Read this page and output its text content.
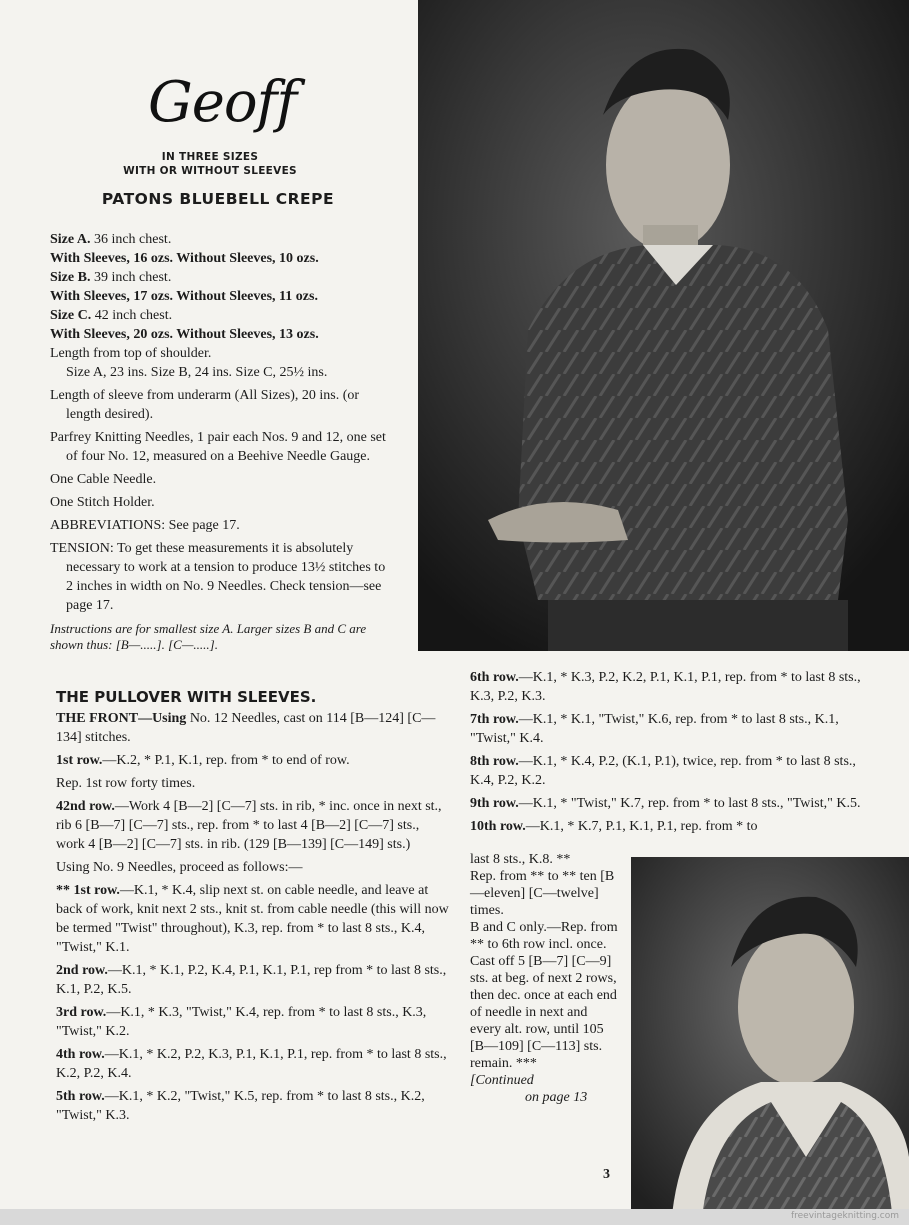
Geoff
IN THREE SIZES
WITH OR WITHOUT SLEEVES
PATONS BLUEBELL CREPE

Size A. 36 inch chest.

With Sleeves, 16 ozs. Without Sleeves, 10 ozs.

Size B. 39 inch chest.

With Sleeves, 17 ozs. Without Sleeves, 11 ozs.

Size C. 42 inch chest.

With Sleeves, 20 ozs. Without Sleeves, 13 ozs.

Length from top of shoulder.

Size A, 23 ins. Size B, 24 ins. Size C, 25½ ins.

Length of sleeve from underarm (All Sizes), 20 ins. (or length desired).

Parfrey Knitting Needles, 1 pair each Nos. 9 and 12, one set of four No. 12, measured on a Beehive Needle Gauge.

One Cable Needle.

One Stitch Holder.

ABBREVIATIONS: See page 17.

TENSION: To get these measurements it is absolutely necessary to work at a tension to produce 13½ stitches to 2 inches in width on No. 9 Needles. Check tension—see page 17.

Instructions are for smallest size A. Larger sizes B and C are shown thus: [B—.....]. [C—.....].

THE PULLOVER WITH SLEEVES.

THE FRONT—Using No. 12 Needles, cast on 114 [B—124] [C—134] stitches.

1st row.—K.2, * P.1, K.1, rep. from * to end of row.

Rep. 1st row forty times.

42nd row.—Work 4 [B—2] [C—7] sts. in rib, * inc. once in next st., rib 6 [B—7] [C—7] sts., rep. from * to last 4 [B—2] [C—7] sts., work 4 [B—2] [C—7] sts. in rib. (129 [B—139] [C—149] sts.)

Using No. 9 Needles, proceed as follows:—

** 1st row.—K.1, * K.4, slip next st. on cable needle, and leave at back of work, knit next 2 sts., knit st. from cable needle (this will now be termed "Twist" throughout), K.3, rep. from * to last 8 sts., K.4, "Twist," K.1.

2nd row.—K.1, * K.1, P.2, K.4, P.1, K.1, P.1, rep from * to last 8 sts., K.1, P.2, K.5.

3rd row.—K.1, * K.3, "Twist," K.4, rep. from * to last 8 sts., K.3, "Twist," K.2.

4th row.—K.1, * K.2, P.2, K.3, P.1, K.1, P.1, rep. from * to last 8 sts., K.2, P.2, K.4.

5th row.—K.1, * K.2, "Twist," K.5, rep. from * to last 8 sts., K.2, "Twist," K.3.

6th row.—K.1, * K.3, P.2, K.2, P.1, K.1, P.1, rep. from * to last 8 sts., K.3, P.2, K.3.

7th row.—K.1, * K.1, "Twist," K.6, rep. from * to last 8 sts., K.1, "Twist," K.4.

8th row.—K.1, * K.4, P.2, (K.1, P.1), twice, rep. from * to last 8 sts., K.4, P.2, K.2.

9th row.—K.1, * "Twist," K.7, rep. from * to last 8 sts., "Twist," K.5.

10th row.—K.1, * K.7, P.1, K.1, P.1, rep. from * to

last 8 sts., K.8. **

Rep. from ** to ** ten [B—eleven] [C—twelve] times.

B and C only.—Rep. from ** to 6th row incl. once.

Cast off 5 [B—7] [C—9] sts. at beg. of next 2 rows, then dec. once at each end of needle in next and every alt. row, until 105 [B—109] [C—113] sts. remain. ***

[Continued

on page 13

3
freevintageknitting.com
